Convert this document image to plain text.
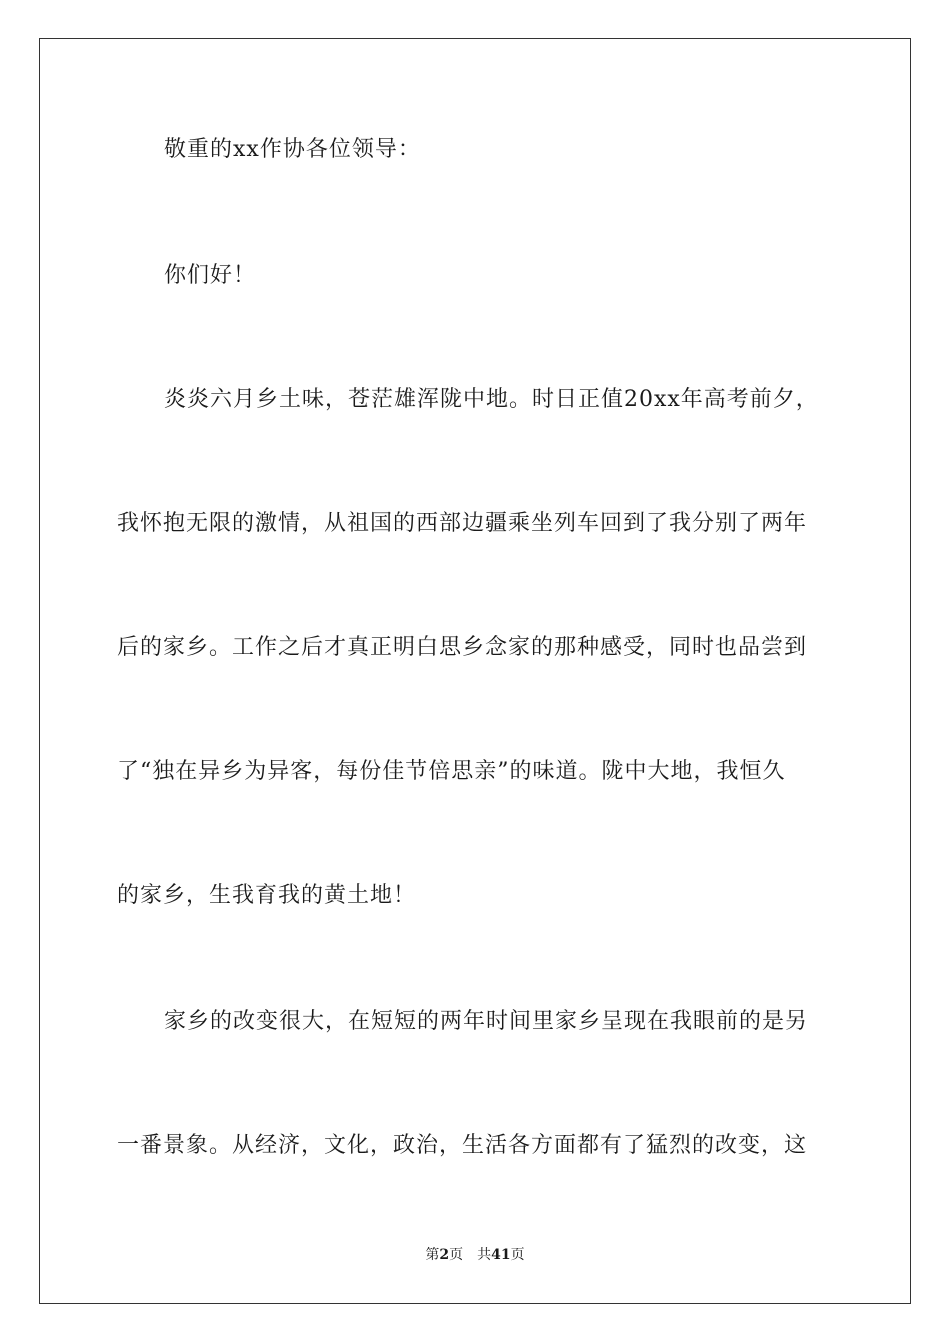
敬重的xx作协各位领导：
你们好！
炎炎六月乡土味，苍茫雄浑陇中地。时日正值20xx年高考前夕，
我怀抱无限的激情，从祖国的西部边疆乘坐列车回到了我分别了两年
后的家乡。工作之后才真正明白思乡念家的那种感受，同时也品尝到
了“独在异乡为异客，每份佳节倍思亲”的味道。陇中大地，我恒久
的家乡，生我育我的黄土地！
家乡的改变很大，在短短的两年时间里家乡呈现在我眼前的是另
一番景象。从经济，文化，政治，生活各方面都有了猛烈的改变，这
第2页 共41页
